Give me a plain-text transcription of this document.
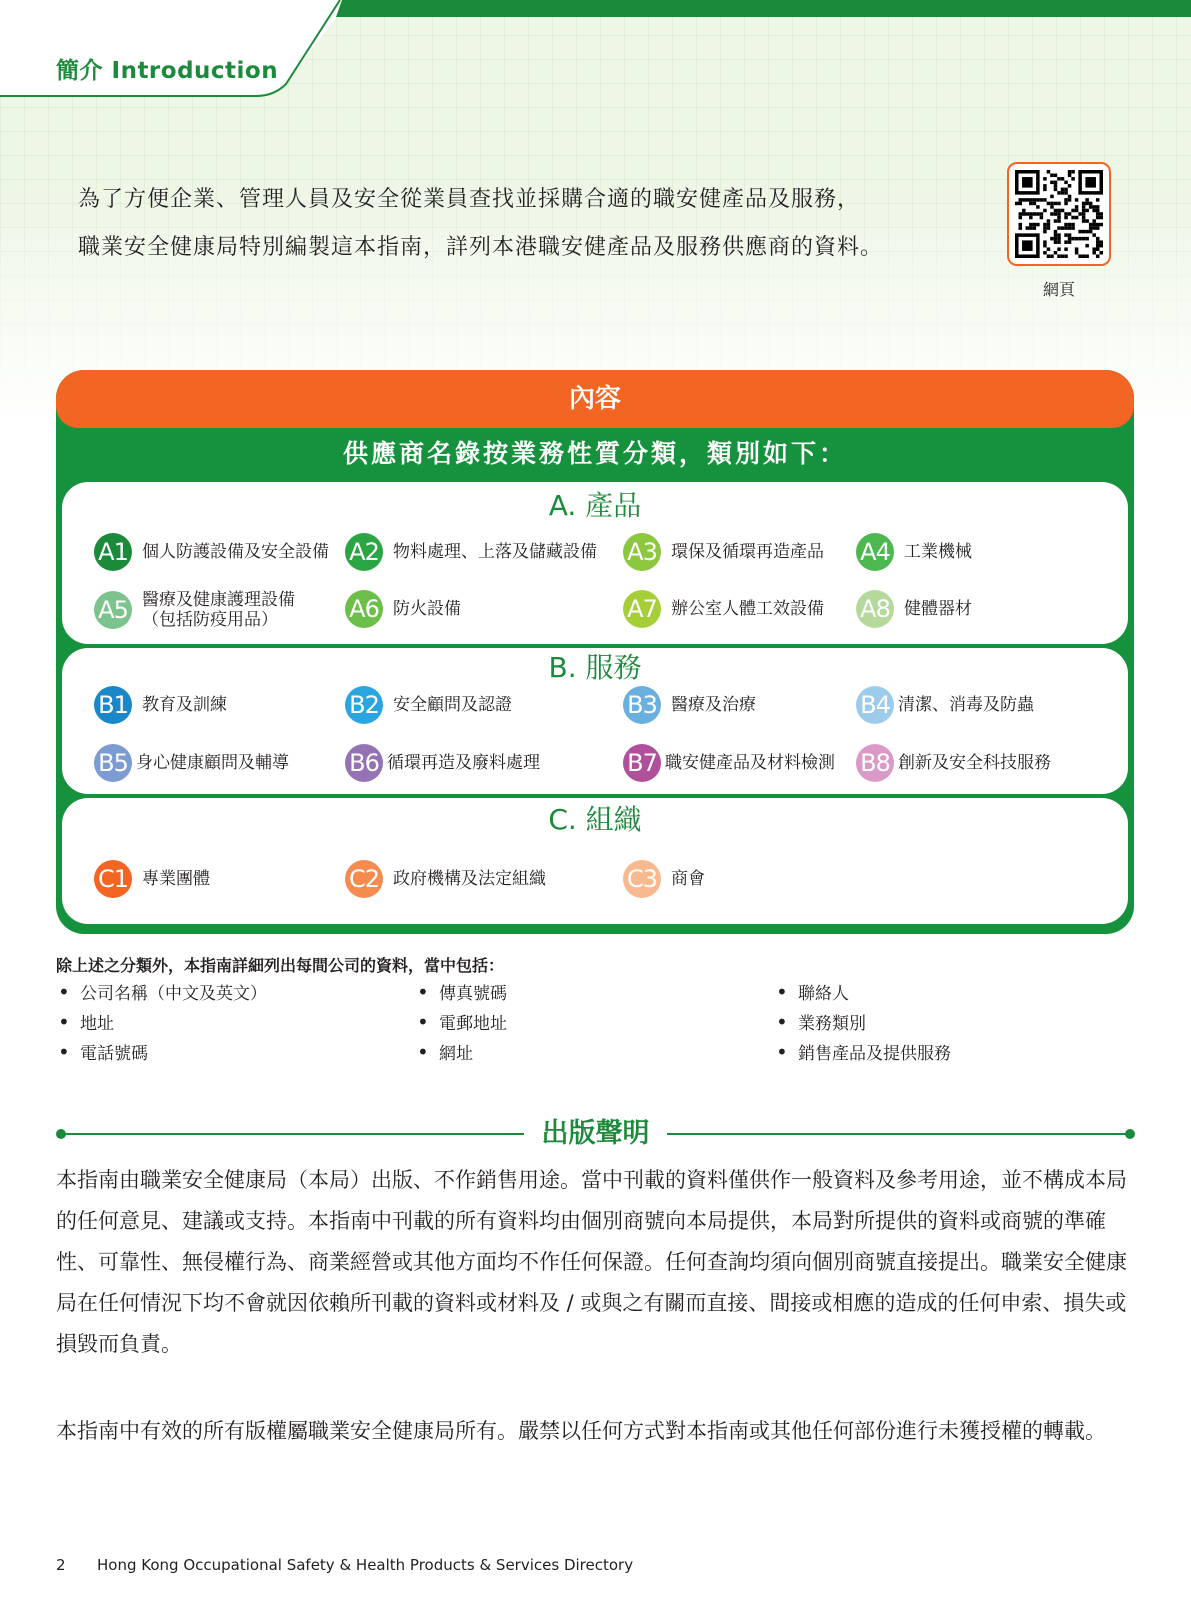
簡介 Introduction

為了方便企業、管理人員及安全從業員查找並採購合適的職安健產品及服務，

職業安全健康局特別編製這本指南，詳列本港職安健產品及服務供應商的資料。

網頁
內容
供應商名錄按業務性質分類，類別如下：
A. 產品
A1 個人防護設備及安全設備 A2 物料處理、上落及儲藏設備 A3 環保及循環再造產品 A4 工業機械
A5 醫療及健康護理設備
（包括防疫用品）	A6 防火設備	A7 辦公室人體工效設備 A8 健體器材
B. 服務
B1 教育及訓練	B2 安全顧問及認證	B3 醫療及治療	B4 清潔、消毒及防蟲
B5 身心健康顧問及輔導	B6 循環再造及廢料處理	B7 職安健產品及材料檢測 B8 創新及安全科技服務
C. 組織
C1 專業團體	C2 政府機構及法定組織	C3 商會

除上述之分類外，本指南詳細列出每間公司的資料，當中包括：

• 公司名稱（中文及英文）
• 地址
• 電話號碼
• 傳真號碼
• 電郵地址
• 網址
• 聯絡人
• 業務類別
• 銷售產品及提供服務
出版聲明

本指南由職業安全健康局（本局）出版、不作銷售用途。當中刊載的資料僅供作一般資料及參考用途，並不構成本局的任何意見、建議或支持。本指南中刊載的所有資料均由個別商號向本局提供，本局對所提供的資料或商號的準確性、可靠性、無侵權行為、商業經營或其他方面均不作任何保證。任何查詢均須向個別商號直接提出。職業安全健康局在任何情況下均不會就因依賴所刊載的資料或材料及 / 或與之有關而直接、間接或相應的造成的任何申索、損失或損毀而負責。

本指南中有效的所有版權屬職業安全健康局所有。嚴禁以任何方式對本指南或其他任何部份進行未獲授權的轉載。

2 Hong Kong Occupational Safety & Health Products & Services Directory
